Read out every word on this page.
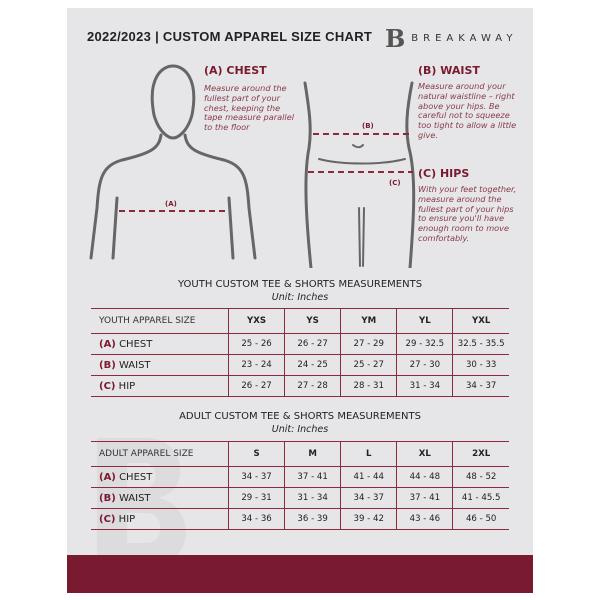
2022/2023 | CUSTOM APPAREL SIZE CHART B BREAKAWAY
(A)
(B)
(C)
(A) CHEST
Measure around the fullest part of your chest, keeping the tape measure parallel to the floor
(B) WAIST
Measure around your natural waistline – right above your hips. Be careful not to squeeze too tight to allow a little give.
(C) HIPS
With your feet together, measure around the fullest part of your hips to ensure you'll have enough room to move comfortably.
YOUTH CUSTOM TEE & SHORTS MEASUREMENTS
Unit: Inches
YOUTH APPAREL SIZE	YXS	YS	YM	YL	YXL
(A) CHEST	25 - 26	26 - 27	27 - 29	29 - 32.5	32.5 - 35.5
(B) WAIST	23 - 24	24 - 25	25 - 27	27 - 30	30 - 33
(C) HIP	26 - 27	27 - 28	28 - 31	31 - 34	34 - 37
ADULT CUSTOM TEE & SHORTS MEASUREMENTS
Unit: Inches
ADULT APPAREL SIZE	S	M	L	XL	2XL
(A) CHEST	34 - 37	37 - 41	41 - 44	44 - 48	48 - 52
(B) WAIST	29 - 31	31 - 34	34 - 37	37 - 41	41 - 45.5
(C) HIP	34 - 36	36 - 39	39 - 42	43 - 46	46 - 50
